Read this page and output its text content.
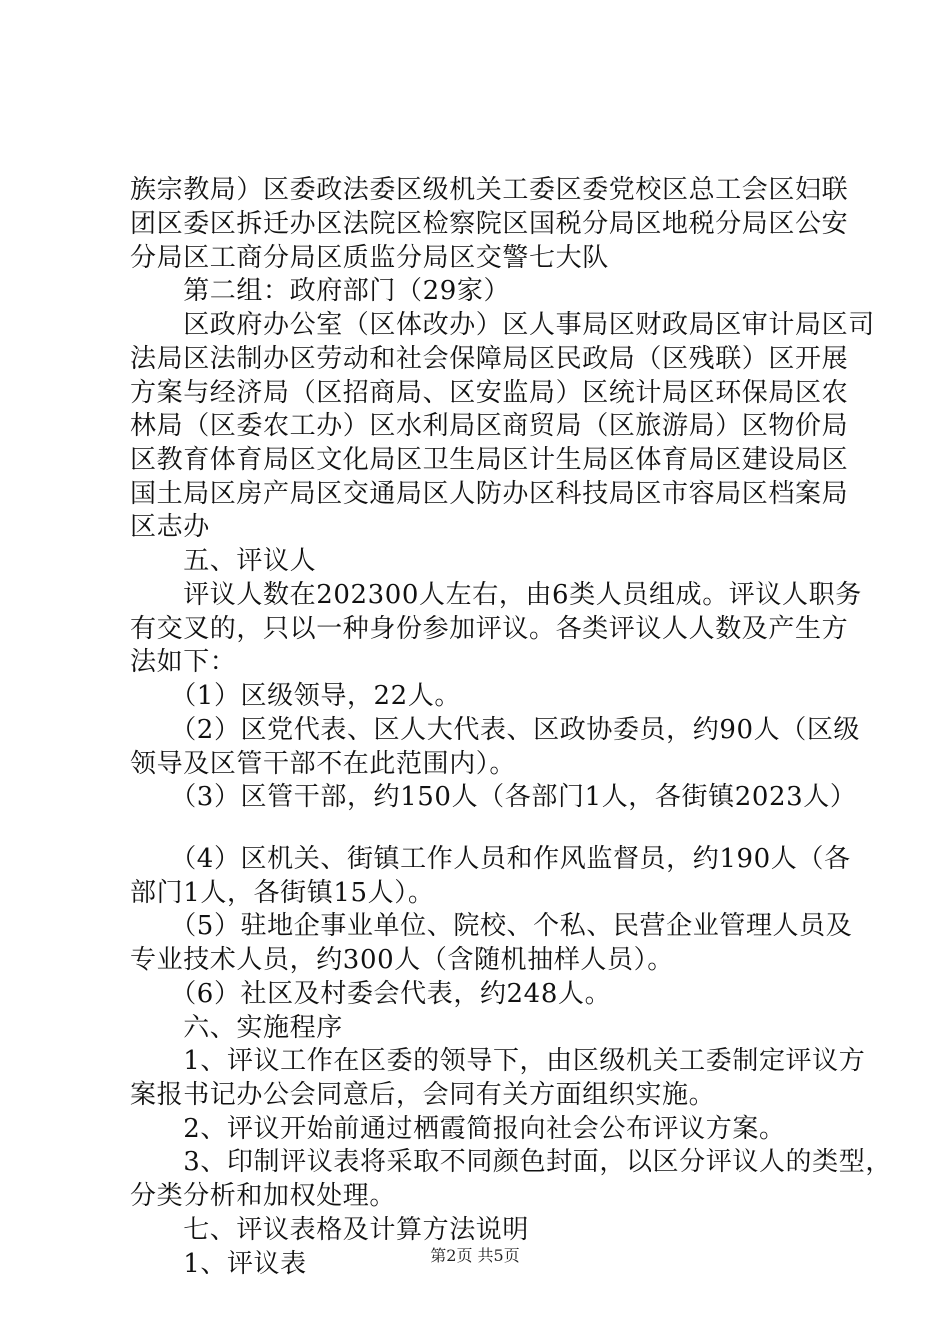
族宗教局）区委政法委区级机关工委区委党校区总工会区妇联
团区委区拆迁办区法院区检察院区国税分局区地税分局区公安
分局区工商分局区质监分局区交警七大队
　　第二组：政府部门（29家）
　　区政府办公室（区体改办）区人事局区财政局区审计局区司
法局区法制办区劳动和社会保障局区民政局（区残联）区开展
方案与经济局（区招商局、区安监局）区统计局区环保局区农
林局（区委农工办）区水利局区商贸局（区旅游局）区物价局
区教育体育局区文化局区卫生局区计生局区体育局区建设局区
国土局区房产局区交通局区人防办区科技局区市容局区档案局
区志办
　　五、评议人
　　评议人数在202300人左右，由6类人员组成。评议人职务
有交叉的，只以一种身份参加评议。各类评议人人数及产生方
法如下：
　　（1）区级领导，22人。
　　（2）区党代表、区人大代表、区政协委员，约90人（区级
领导及区管干部不在此范围内）。
　　（3）区管干部，约150人（各部门1人，各街镇2023人）
　　（4）区机关、街镇工作人员和作风监督员，约190人（各
部门1人，各街镇15人）。
　　（5）驻地企事业单位、院校、个私、民营企业管理人员及
专业技术人员，约300人（含随机抽样人员）。
　　（6）社区及村委会代表，约248人。
　　六、实施程序
　　1、评议工作在区委的领导下，由区级机关工委制定评议方
案报书记办公会同意后，会同有关方面组织实施。
　　2、评议开始前通过栖霞简报向社会公布评议方案。
　　3、印制评议表将采取不同颜色封面，以区分评议人的类型，
分类分析和加权处理。
　　七、评议表格及计算方法说明
　　1、评议表	第2页 共5页
